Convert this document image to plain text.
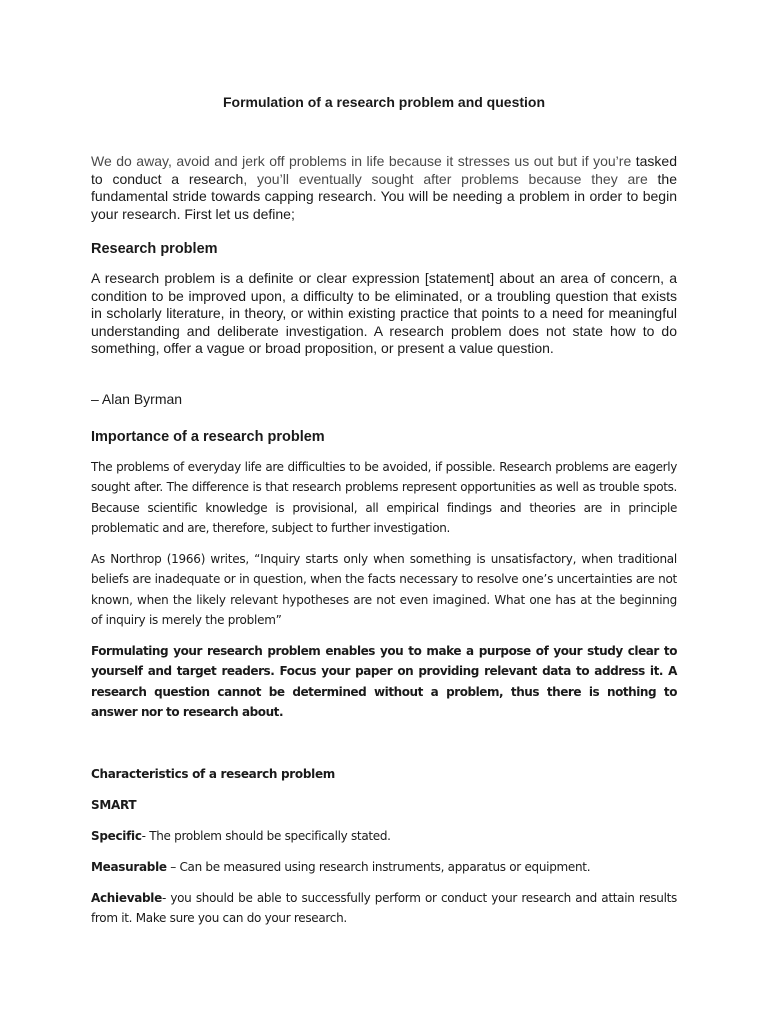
Formulation of a research problem and question

We do away, avoid and jerk off problems in life because it stresses us out but if you’re tasked to conduct a research, you’ll eventually sought after problems because they are the fundamental stride towards capping research. You will be needing a problem in order to begin your research. First let us define;

Research problem

A research problem is a definite or clear expression [statement] about an area of concern, a condition to be improved upon, a difficulty to be eliminated, or a troubling question that exists in scholarly literature, in theory, or within existing practice that points to a need for meaningful understanding and deliberate investigation. A research problem does not state how to do something, offer a vague or broad proposition, or present a value question.

– Alan Byrman

Importance of a research problem

The problems of everyday life are difficulties to be avoided, if possible. Research problems are eagerly sought after. The difference is that research problems represent opportunities as well as trouble spots. Because scientific knowledge is provisional, all empirical findings and theories are in principle problematic and are, therefore, subject to further investigation.

As Northrop (1966) writes, “Inquiry starts only when something is unsatisfactory, when traditional beliefs are inadequate or in question, when the facts necessary to resolve one’s uncertainties are not known, when the likely relevant hypotheses are not even imagined. What one has at the beginning of inquiry is merely the problem”

Formulating your research problem enables you to make a purpose of your study clear to yourself and target readers. Focus your paper on providing relevant data to address it. A research question cannot be determined without a problem, thus there is nothing to answer nor to research about.

Characteristics of a research problem

SMART

Specific- The problem should be specifically stated.

Measurable – Can be measured using research instruments, apparatus or equipment.

Achievable- you should be able to successfully perform or conduct your research and attain results from it. Make sure you can do your research.
